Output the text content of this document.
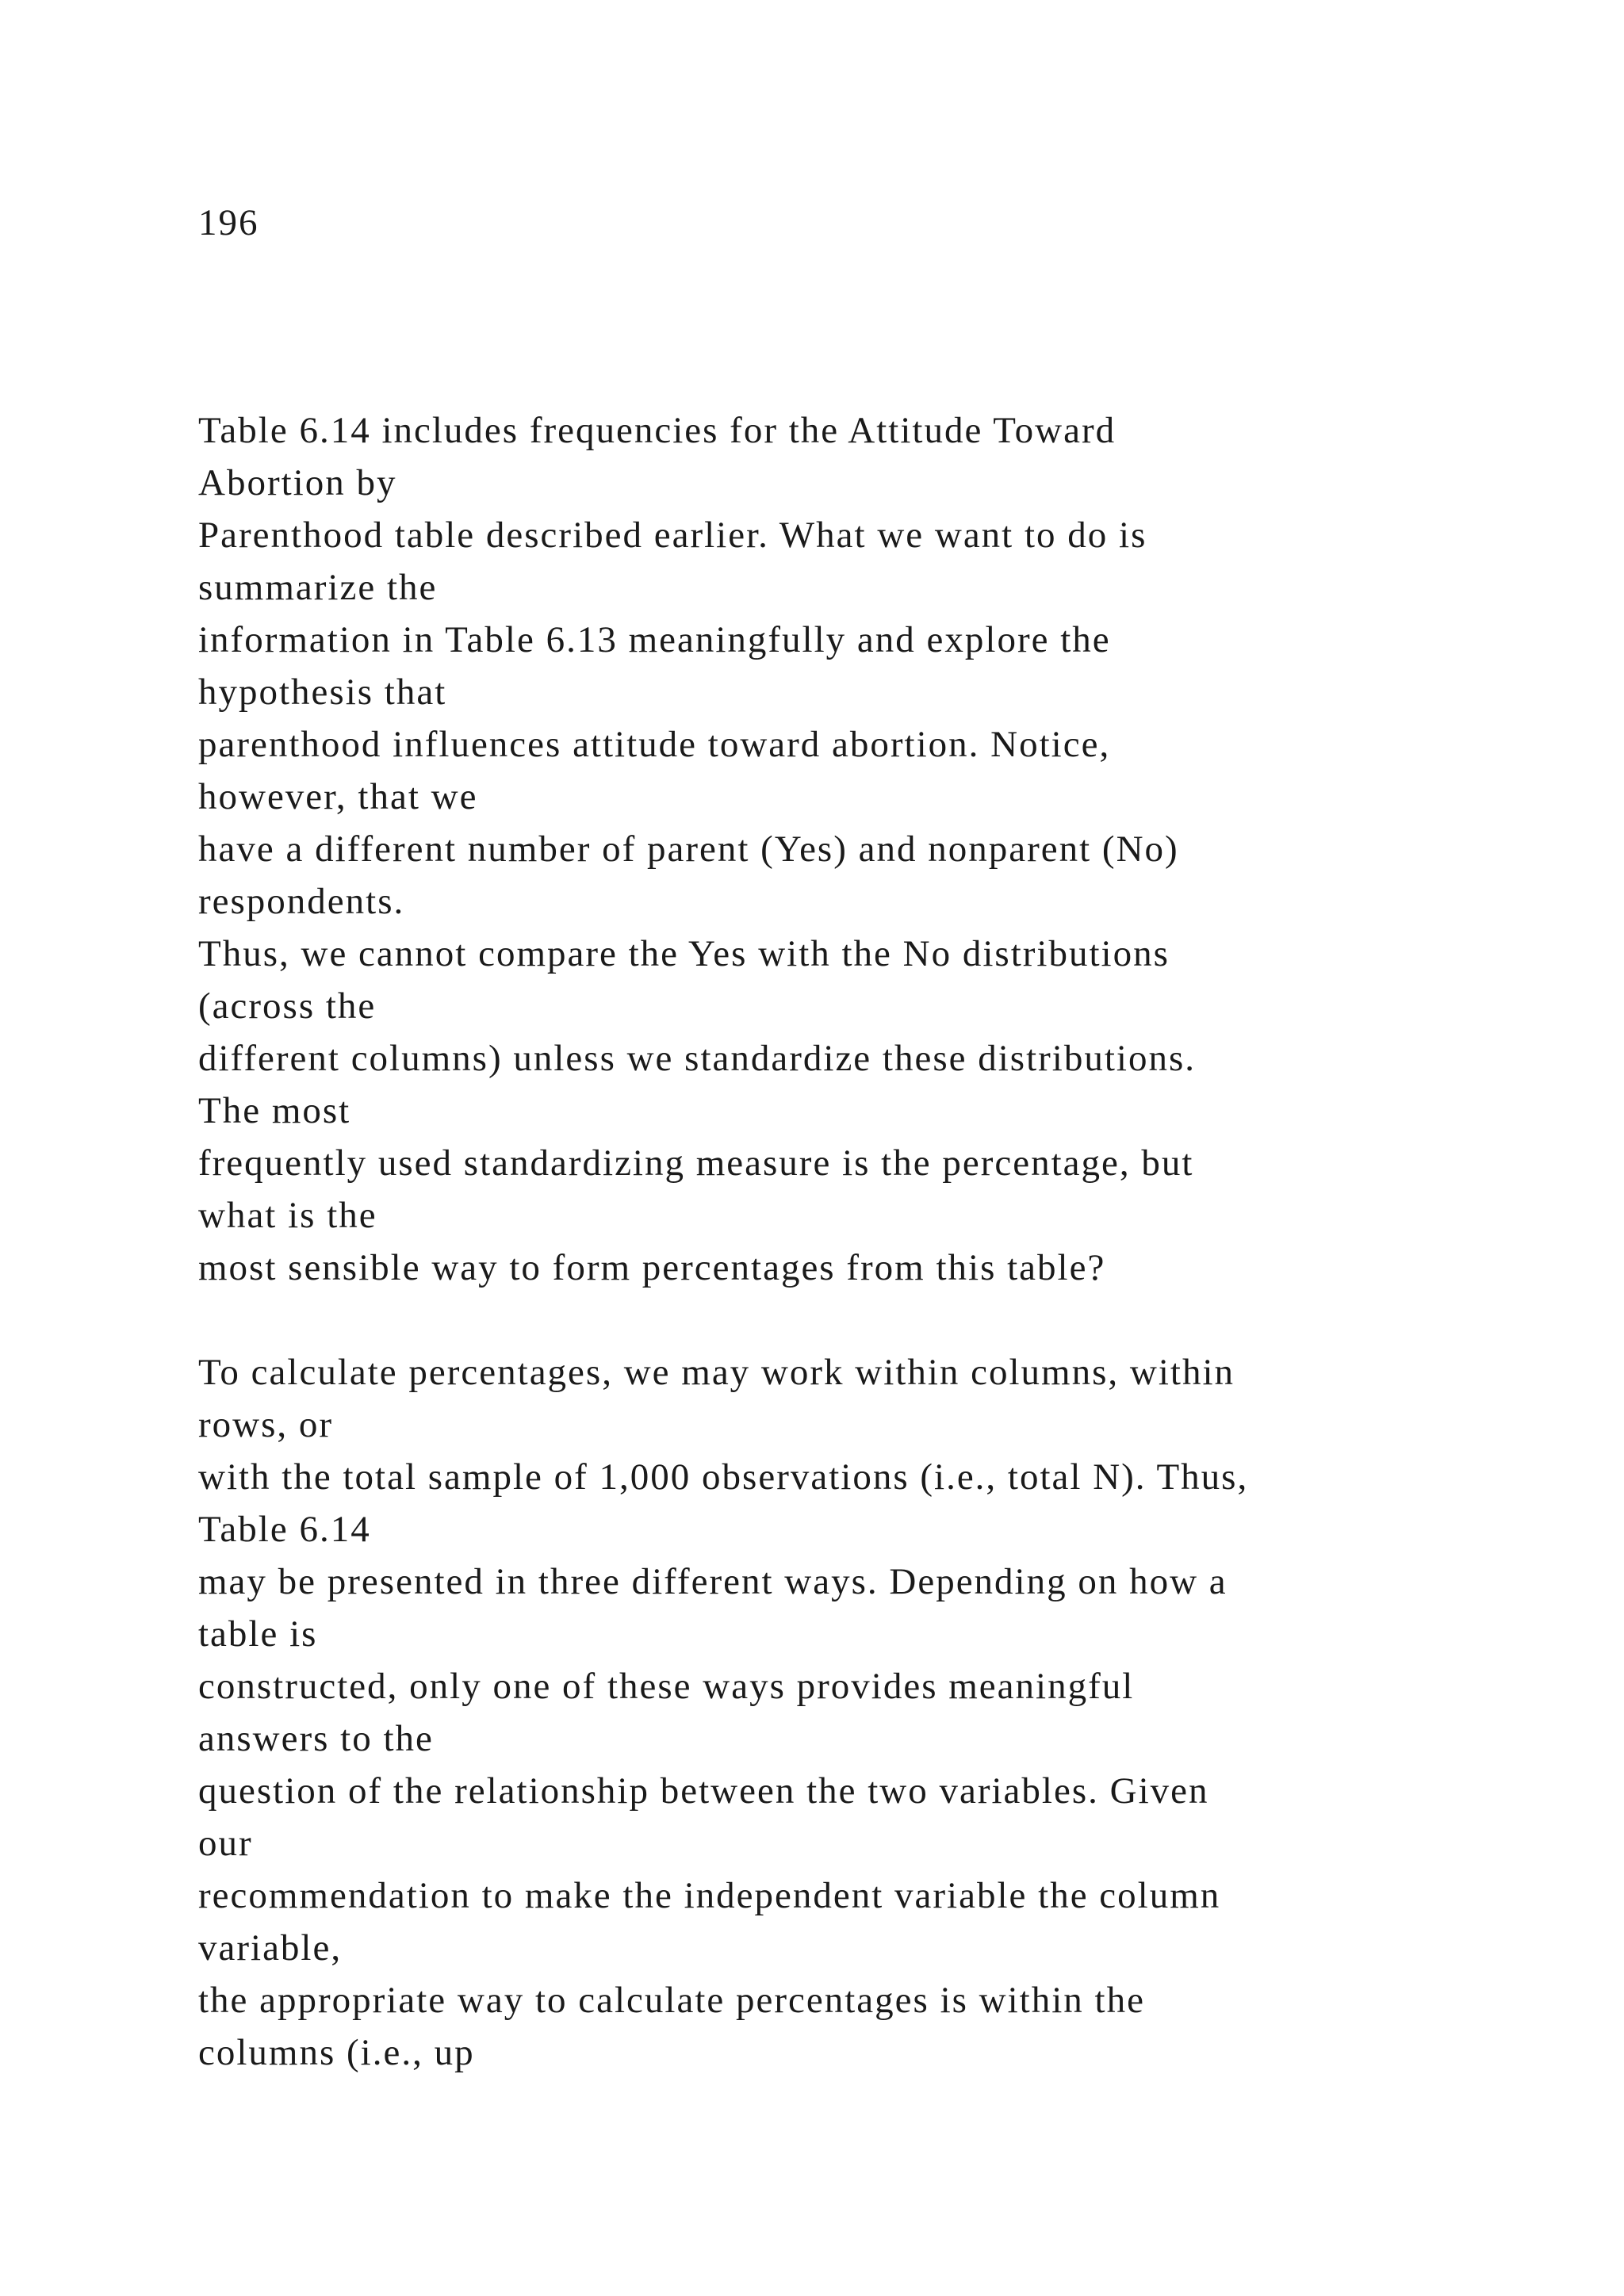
196

Table 6.14 includes frequencies for the Attitude Toward
Abortion by
Parenthood table described earlier. What we want to do is
summarize the
information in Table 6.13 meaningfully and explore the
hypothesis that
parenthood influences attitude toward abortion. Notice,
however, that we
have a different number of parent (Yes) and nonparent (No)
respondents.
Thus, we cannot compare the Yes with the No distributions
(across the
different columns) unless we standardize these distributions.
The most
frequently used standardizing measure is the percentage, but
what is the
most sensible way to form percentages from this table?
To calculate percentages, we may work within columns, within
rows, or
with the total sample of 1,000 observations (i.e., total N). Thus,
Table 6.14
may be presented in three different ways. Depending on how a
table is
constructed, only one of these ways provides meaningful
answers to the
question of the relationship between the two variables. Given
our
recommendation to make the independent variable the column
variable,
the appropriate way to calculate percentages is within the
columns (i.e., up
